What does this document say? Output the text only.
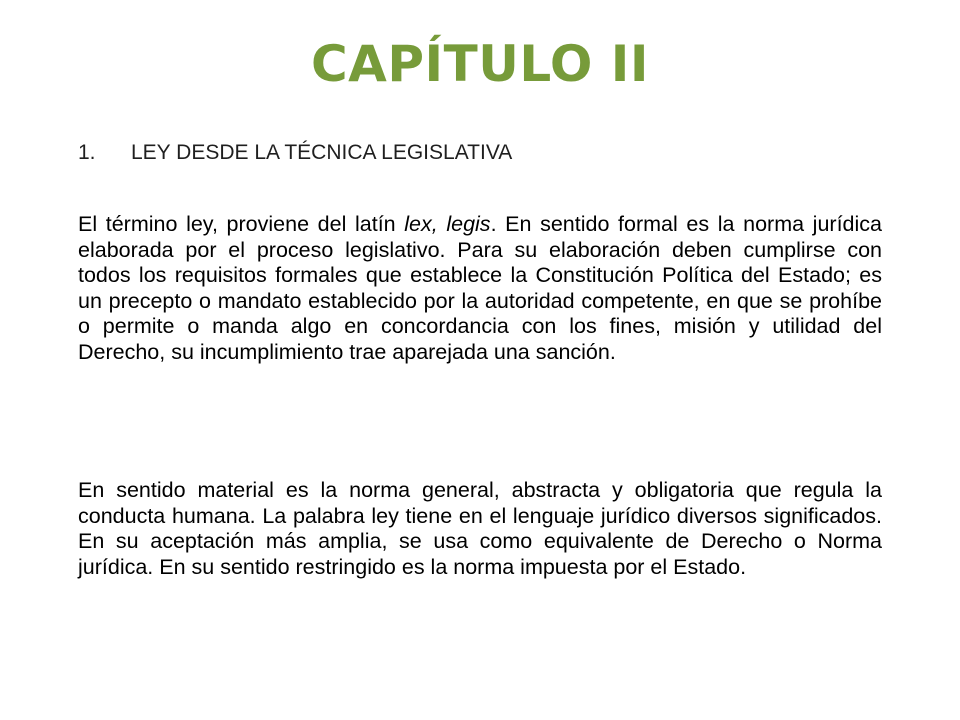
CAPÍTULO II
1. LEY DESDE LA TÉCNICA LEGISLATIVA

El término ley, proviene del latín lex, legis. En sentido formal es la norma jurídica elaborada por el proceso legislativo. Para su elaboración deben cumplirse con todos los requisitos formales que establece la Constitución Política del Estado; es un precepto o mandato establecido por la autoridad competente, en que se prohíbe o permite o manda algo en concordancia con los fines, misión y utilidad del Derecho, su incumplimiento trae aparejada una sanción.

En sentido material es la norma general, abstracta y obligatoria que regula la conducta humana. La palabra ley tiene en el lenguaje jurídico diversos significados. En su aceptación más amplia, se usa como equivalente de Derecho o Norma jurídica. En su sentido restringido es la norma impuesta por el Estado.
